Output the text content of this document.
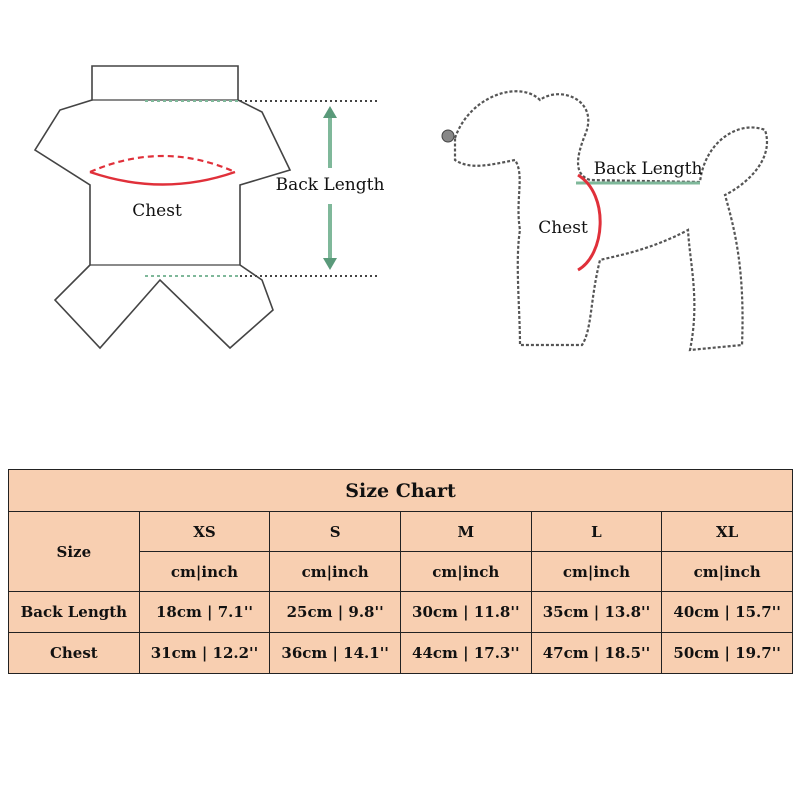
Chest
Back Length
Back Length
Chest
Size Chart					
Size	XS	S	M	L	XL
	cm|inch	cm|inch	cm|inch	cm|inch	cm|inch
Back Length	18cm | 7.1''	25cm | 9.8''	30cm | 11.8''	35cm | 13.8''	40cm | 15.7''
Chest	31cm | 12.2''	36cm | 14.1''	44cm | 17.3''	47cm | 18.5''	50cm | 19.7''
